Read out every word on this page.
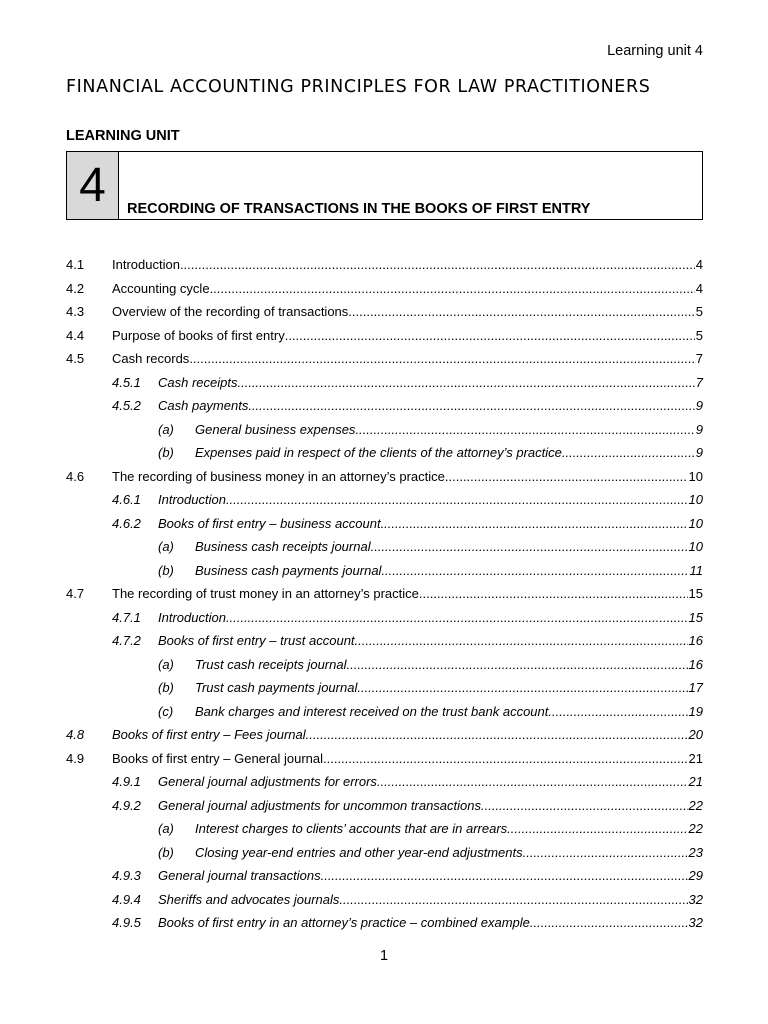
Learning unit 4
FINANCIAL ACCOUNTING PRINCIPLES FOR LAW PRACTITIONERS
LEARNING UNIT
4	RECORDING OF TRANSACTIONS IN THE BOOKS OF FIRST ENTRY
4.1	Introduction .....	4
4.2	Accounting cycle .....	4
4.3	Overview of the recording of transactions .....	5
4.4	Purpose of books of first entry .....	5
4.5	Cash records .....	7
4.5.1	Cash receipts .....	7
4.5.2	Cash payments .....	9
(a)	General business expenses .....	9
(b)	Expenses paid in respect of the clients of the attorney’s practice .....	9
4.6	The recording of business money in an attorney’s practice .....	10
4.6.1	Introduction .....	10
4.6.2	Books of first entry – business account .....	10
(a)	Business cash receipts journal .....	10
(b)	Business cash payments journal .....	11
4.7	The recording of trust money in an attorney’s practice .....	15
4.7.1	Introduction .....	15
4.7.2	Books of first entry – trust account .....	16
(a)	Trust cash receipts journal .....	16
(b)	Trust cash payments journal .....	17
(c)	Bank charges and interest received on the trust bank account .....	19
4.8	Books of first entry – Fees journal .....	20
4.9	Books of first entry – General journal .....	21
4.9.1	General journal adjustments for errors .....	21
4.9.2	General journal adjustments for uncommon transactions .....	22
(a)	Interest charges to clients’ accounts that are in arrears .....	22
(b)	Closing year-end entries and other year-end adjustments .....	23
4.9.3	General journal transactions .....	29
4.9.4	Sheriffs and advocates journals .....	32
4.9.5	Books of first entry in an attorney’s practice – combined example .....	32
1
